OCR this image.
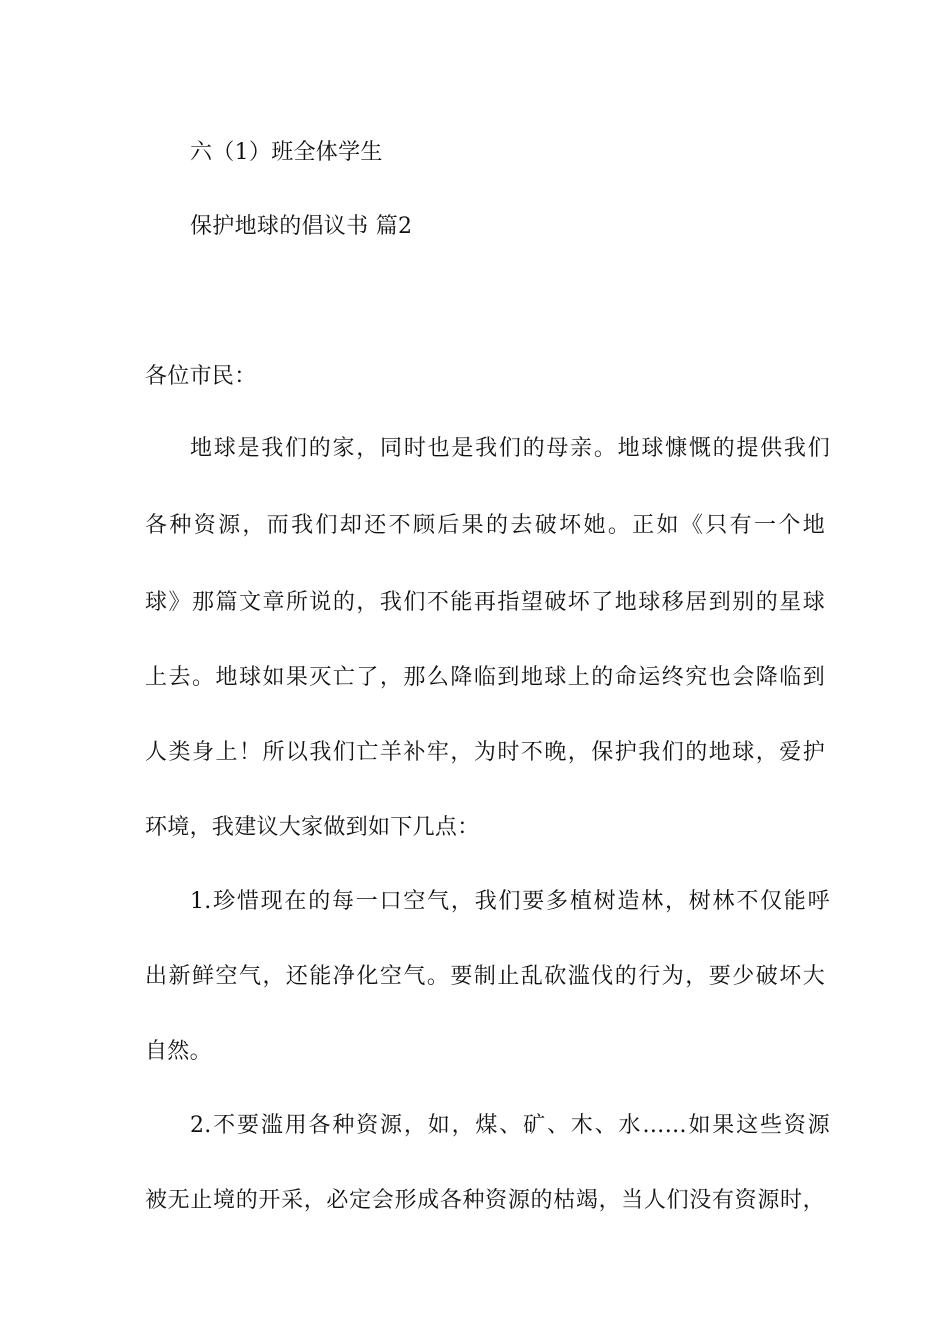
六（1）班全体学生
保护地球的倡议书 篇2
各位市民：
地球是我们的家，同时也是我们的母亲。地球慷慨的提供我们
各种资源，而我们却还不顾后果的去破坏她。正如《只有一个地
球》那篇文章所说的，我们不能再指望破坏了地球移居到别的星球
上去。地球如果灭亡了，那么降临到地球上的命运终究也会降临到
人类身上！所以我们亡羊补牢，为时不晚，保护我们的地球，爱护
环境，我建议大家做到如下几点：
1.珍惜现在的每一口空气，我们要多植树造林，树林不仅能呼
出新鲜空气，还能净化空气。要制止乱砍滥伐的行为，要少破坏大
自然。
2.不要滥用各种资源，如，煤、矿、木、水……如果这些资源
被无止境的开采，必定会形成各种资源的枯竭，当人们没有资源时，
